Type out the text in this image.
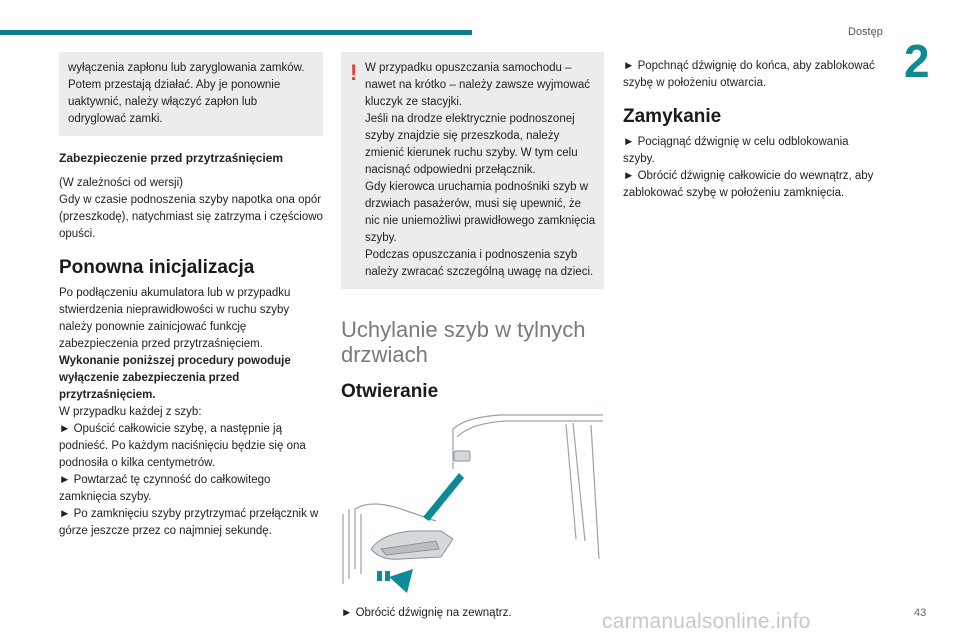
Dostęp
2
43
carmanualsonline.info

wyłączenia zapłonu lub zaryglowania zamków.
Potem przestają działać. Aby je ponownie uaktywnić, należy włączyć zapłon lub odryglować zamki.

Zabezpieczenie przed przytrzaśnięciem

(W zależności od wersji)
Gdy w czasie podnoszenia szyby napotka ona opór (przeszkodę), natychmiast się zatrzyma i częściowo opuści.

Ponowna inicjalizacja

Po podłączeniu akumulatora lub w przypadku stwierdzenia nieprawidłowości w ruchu szyby należy ponownie zainicjować funkcję zabezpieczenia przed przytrzaśnięciem.

Wykonanie poniższej procedury powoduje wyłączenie zabezpieczenia przed przytrzaśnięciem.

W przypadku każdej z szyb:
► Opuścić całkowicie szybę, a następnie ją podnieść. Po każdym naciśnięciu będzie się ona podnosiła o kilka centymetrów.
► Powtarzać tę czynność do całkowitego zamknięcia szyby.
► Po zamknięciu szyby przytrzymać przełącznik w górze jeszcze przez co najmniej sekundę.

! W przypadku opuszczania samochodu – nawet na krótko – należy zawsze wyjmować kluczyk ze stacyjki.
Jeśli na drodze elektrycznie podnoszonej szyby znajdzie się przeszkoda, należy zmienić kierunek ruchu szyby. W tym celu nacisnąć odpowiedni przełącznik.
Gdy kierowca uruchamia podnośniki szyb w drzwiach pasażerów, musi się upewnić, że nic nie uniemożliwi prawidłowego zamknięcia szyby.
Podczas opuszczania i podnoszenia szyb należy zwracać szczególną uwagę na dzieci.

Uchylanie szyb w tylnych drzwiach

Otwieranie

► Obrócić dźwignię na zewnątrz.

► Popchnąć dźwignię do końca, aby zablokować szybę w położeniu otwarcia.

Zamykanie

► Pociągnąć dźwignię w celu odblokowania szyby.
► Obrócić dźwignię całkowicie do wewnątrz, aby zablokować szybę w położeniu zamknięcia.
